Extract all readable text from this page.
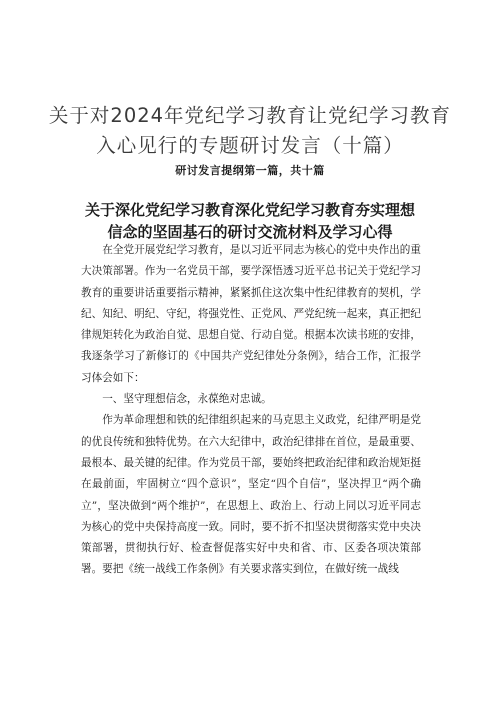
关于对2024年党纪学习教育让党纪学习教育
入心见行的专题研讨发言（十篇）
研讨发言提纲第一篇，共十篇
关于深化党纪学习教育深化党纪学习教育夯实理想
信念的坚固基石的研讨交流材料及学习心得

在全党开展党纪学习教育，是以习近平同志为核心的党中央作出的重大决策部署。作为一名党员干部，要学深悟透习近平总书记关于党纪学习教育的重要讲话重要指示精神，紧紧抓住这次集中性纪律教育的契机，学纪、知纪、明纪、守纪，将强党性、正党风、严党纪统一起来，真正把纪律规矩转化为政治自觉、思想自觉、行动自觉。根据本次读书班的安排，我逐条学习了新修订的《中国共产党纪律处分条例》，结合工作，汇报学习体会如下：

一、坚守理想信念，永葆绝对忠诚。

作为革命理想和铁的纪律组织起来的马克思主义政党，纪律严明是党的优良传统和独特优势。在六大纪律中，政治纪律排在首位，是最重要、最根本、最关键的纪律。作为党员干部，要始终把政治纪律和政治规矩挺在最前面，牢固树立“四个意识”，坚定“四个自信”，坚决捍卫“两个确立”，坚决做到“两个维护”，在思想上、政治上、行动上同以习近平同志为核心的党中央保持高度一致。同时，要不折不扣坚决贯彻落实党中央决策部署，贯彻执行好、检查督促落实好中央和省、市、区委各项决策部署。要把《统一战线工作条例》有关要求落实到位，在做好统一战线
